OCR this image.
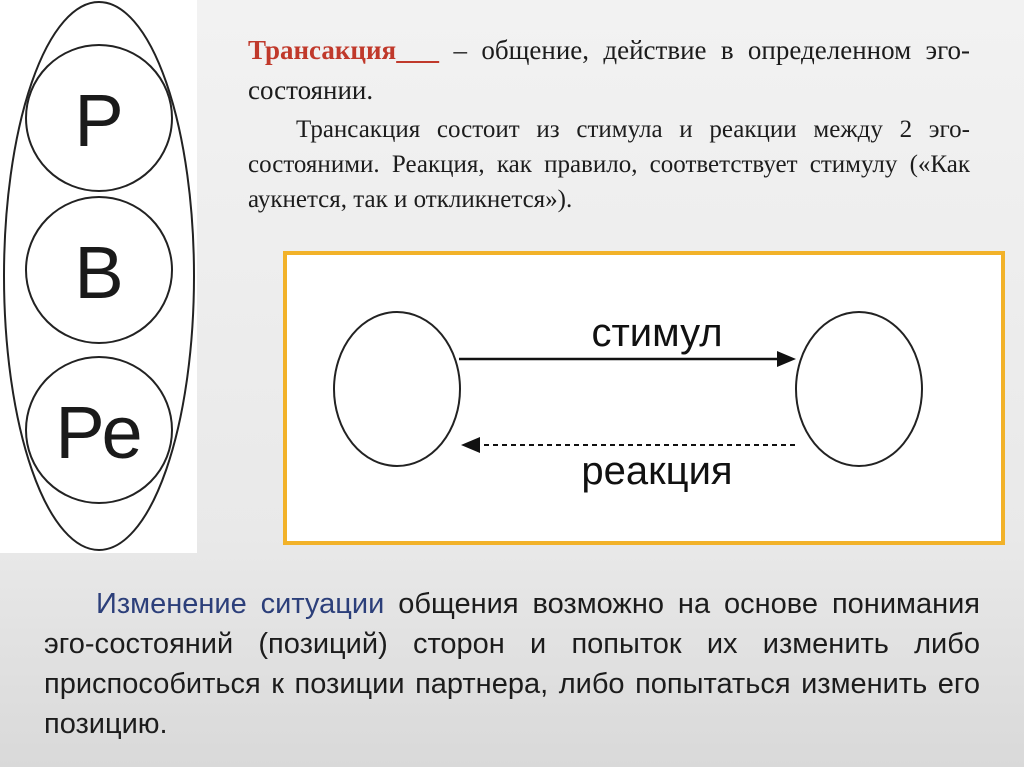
Р
В
Ре

Трансакция    – общение, действие в определенном эго-состоянии.

Трансакция состоит из стимула и реакции между 2 эго-состояними. Реакция, как правило, соответствует стимулу («Как аукнется, так и откликнется»).

стимул
реакция

Изменение ситуации общения возможно на основе понимания эго-состояний (позиций) сторон и попыток их изменить либо приспособиться к позиции партнера, либо попытаться изменить его позицию.
